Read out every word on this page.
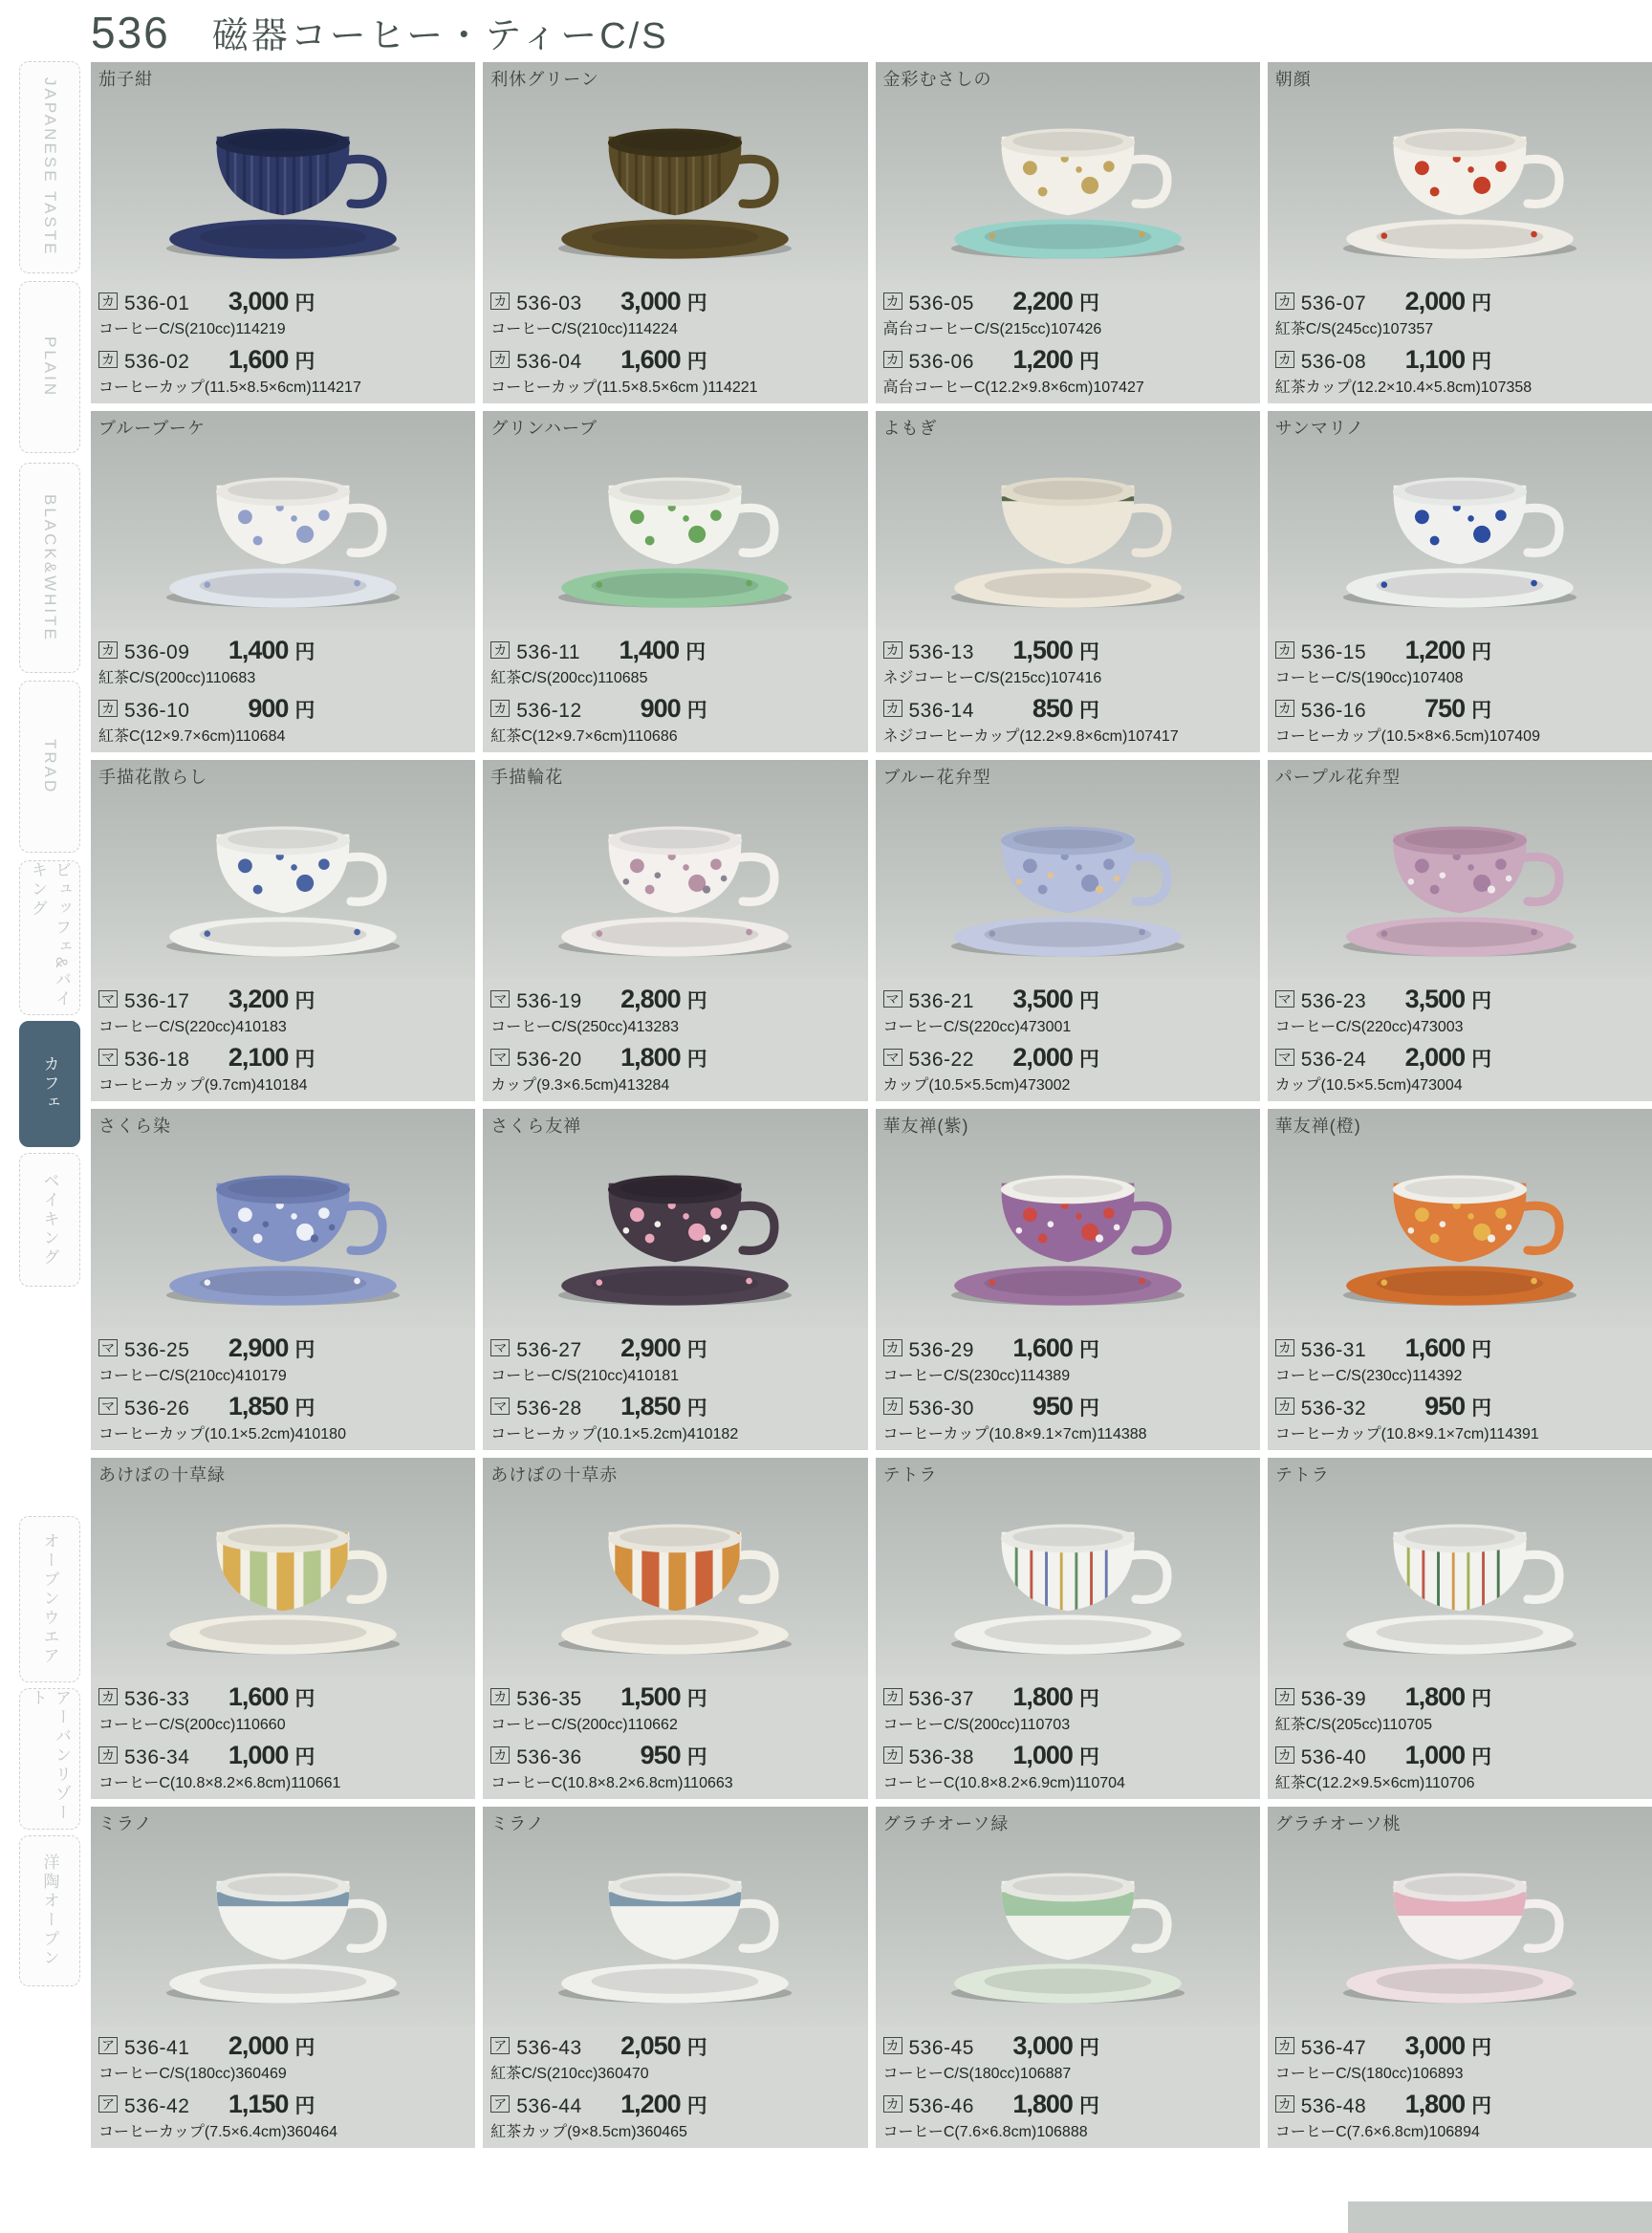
536 磁器コーヒー・ティーC/S
JAPANESE TASTE
PLAIN
BLACK&WHITE
TRAD
ビュッフェ&バイキング
カフェ
ベイキング
オーブンウエア
アーバンリゾート
洋陶オープン
茄子紺
カ 536-01	3,000 円
コーヒーC/S(210cc)114219
カ 536-02	1,600 円
コーヒーカップ(11.5×8.5×6cm)114217
利休グリーン
カ 536-03	3,000 円
コーヒーC/S(210cc)114224
カ 536-04	1,600 円
コーヒーカップ(11.5×8.5×6cm )114221
金彩むさしの
カ 536-05	2,200 円
高台コーヒーC/S(215cc)107426
カ 536-06	1,200 円
高台コーヒーC(12.2×9.8×6cm)107427
朝顔
カ 536-07	2,000 円
紅茶C/S(245cc)107357
カ 536-08	1,100 円
紅茶カップ(12.2×10.4×5.8cm)107358
ブルーブーケ
カ 536-09	1,400 円
紅茶C/S(200cc)110683
カ 536-10	900 円
紅茶C(12×9.7×6cm)110684
グリンハーブ
カ 536-11	1,400 円
紅茶C/S(200cc)110685
カ 536-12	900 円
紅茶C(12×9.7×6cm)110686
よもぎ
カ 536-13	1,500 円
ネジコーヒーC/S(215cc)107416
カ 536-14	850 円
ネジコーヒーカップ(12.2×9.8×6cm)107417
サンマリノ
カ 536-15	1,200 円
コーヒーC/S(190cc)107408
カ 536-16	750 円
コーヒーカップ(10.5×8×6.5cm)107409
手描花散らし
マ 536-17	3,200 円
コーヒーC/S(220cc)410183
マ 536-18	2,100 円
コーヒーカップ(9.7cm)410184
手描輪花
マ 536-19	2,800 円
コーヒーC/S(250cc)413283
マ 536-20	1,800 円
カップ(9.3×6.5cm)413284
ブルー花弁型
マ 536-21	3,500 円
コーヒーC/S(220cc)473001
マ 536-22	2,000 円
カップ(10.5×5.5cm)473002
パープル花弁型
マ 536-23	3,500 円
コーヒーC/S(220cc)473003
マ 536-24	2,000 円
カップ(10.5×5.5cm)473004
さくら染
マ 536-25	2,900 円
コーヒーC/S(210cc)410179
マ 536-26	1,850 円
コーヒーカップ(10.1×5.2cm)410180
さくら友禅
マ 536-27	2,900 円
コーヒーC/S(210cc)410181
マ 536-28	1,850 円
コーヒーカップ(10.1×5.2cm)410182
華友禅(紫)
カ 536-29	1,600 円
コーヒーC/S(230cc)114389
カ 536-30	950 円
コーヒーカップ(10.8×9.1×7cm)114388
華友禅(橙)
カ 536-31	1,600 円
コーヒーC/S(230cc)114392
カ 536-32	950 円
コーヒーカップ(10.8×9.1×7cm)114391
あけぼの十草緑
カ 536-33	1,600 円
コーヒーC/S(200cc)110660
カ 536-34	1,000 円
コーヒーC(10.8×8.2×6.8cm)110661
あけぼの十草赤
カ 536-35	1,500 円
コーヒーC/S(200cc)110662
カ 536-36	950 円
コーヒーC(10.8×8.2×6.8cm)110663
テトラ
カ 536-37	1,800 円
コーヒーC/S(200cc)110703
カ 536-38	1,000 円
コーヒーC(10.8×8.2×6.9cm)110704
テトラ
カ 536-39	1,800 円
紅茶C/S(205cc)110705
カ 536-40	1,000 円
紅茶C(12.2×9.5×6cm)110706
ミラノ
ア 536-41	2,000 円
コーヒーC/S(180cc)360469
ア 536-42	1,150 円
コーヒーカップ(7.5×6.4cm)360464
ミラノ
ア 536-43	2,050 円
紅茶C/S(210cc)360470
ア 536-44	1,200 円
紅茶カップ(9×8.5cm)360465
グラチオーソ緑
カ 536-45	3,000 円
コーヒーC/S(180cc)106887
カ 536-46	1,800 円
コーヒーC(7.6×6.8cm)106888
グラチオーソ桃
カ 536-47	3,000 円
コーヒーC/S(180cc)106893
カ 536-48	1,800 円
コーヒーC(7.6×6.8cm)106894
